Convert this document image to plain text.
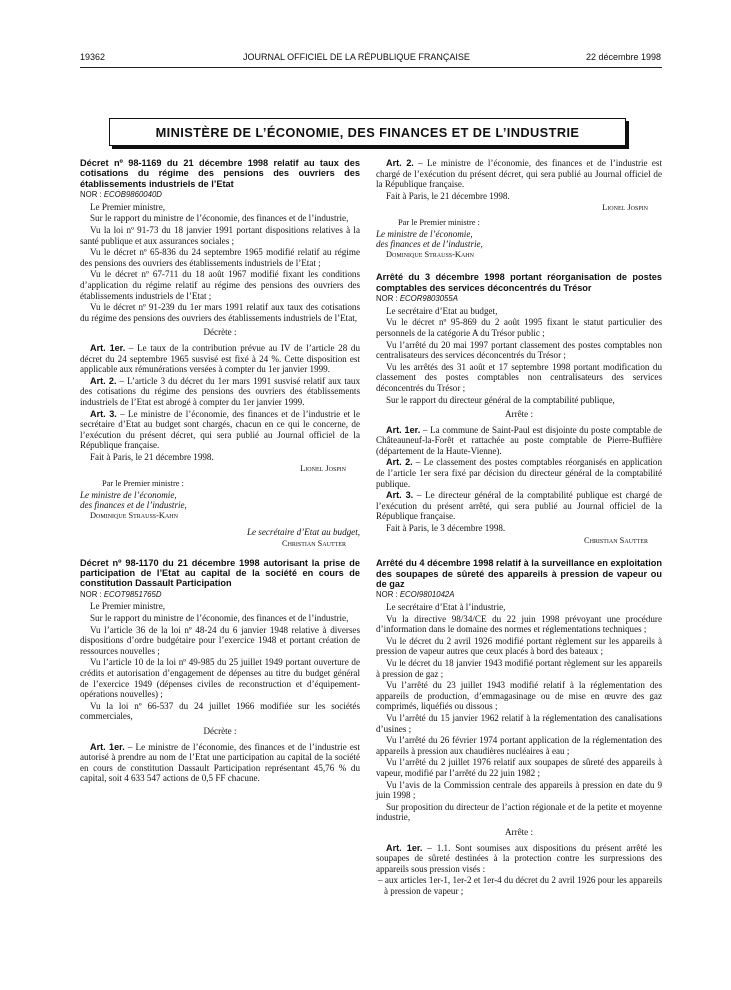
19362	JOURNAL OFFICIEL DE LA RÉPUBLIQUE FRANÇAISE	22 décembre 1998
MINISTÈRE DE L’ÉCONOMIE, DES FINANCES ET DE L’INDUSTRIE

Décret nº 98-1169 du 21 décembre 1998 relatif au taux des cotisations du régime des pensions des ouvriers des établissements industriels de l’Etat

NOR : ECOB9860040D

Le Premier ministre,

Sur le rapport du ministre de l’économie, des finances et de l’industrie,

Vu la loi nº 91-73 du 18 janvier 1991 portant dispositions relatives à la santé publique et aux assurances sociales ;

Vu le décret nº 65-836 du 24 septembre 1965 modifié relatif au régime des pensions des ouvriers des établissements industriels de l’Etat ;

Vu le décret nº 67-711 du 18 août 1967 modifié fixant les conditions d’application du régime relatif au régime des pensions des ouvriers des établissements industriels de l’Etat ;

Vu le décret nº 91-239 du 1er mars 1991 relatif aux taux des cotisations du régime des pensions des ouvriers des établissements industriels de l’Etat,

Décrète :

Art. 1er. – Le taux de la contribution prévue au IV de l’article 28 du décret du 24 septembre 1965 susvisé est fixé à 24 %. Cette disposition est applicable aux rémunérations versées à compter du 1er janvier 1999.

Art. 2. – L’article 3 du décret du 1er mars 1991 susvisé relatif aux taux des cotisations du régime des pensions des ouvriers des établissements industriels de l’Etat est abrogé à compter du 1er janvier 1999.

Art. 3. – Le ministre de l’économie, des finances et de l’industrie et le secrétaire d’Etat au budget sont chargés, chacun en ce qui le concerne, de l’exécution du présent décret, qui sera publié au Journal officiel de la République française.

Fait à Paris, le 21 décembre 1998.

Lionel Jospin

Par le Premier ministre :

Le ministre de l’économie,

des finances et de l’industrie,

Dominique Strauss-Kahn

Le secrétaire d’Etat au budget,
Christian Sautter

Décret nº 98-1170 du 21 décembre 1998 autorisant la prise de participation de l’Etat au capital de la société en cours de constitution Dassault Participation

NOR : ECOT9851765D

Le Premier ministre,

Sur le rapport du ministre de l’économie, des finances et de l’industrie,

Vu l’article 36 de la loi nº 48-24 du 6 janvier 1948 relative à diverses dispositions d’ordre budgétaire pour l’exercice 1948 et portant création de ressources nouvelles ;

Vu l’article 10 de la loi nº 49-985 du 25 juillet 1949 portant ouverture de crédits et autorisation d’engagement de dépenses au titre du budget général de l’exercice 1949 (dépenses civiles de reconstruction et d’équipement-opérations nouvelles) ;

Vu la loi nº 66-537 du 24 juillet 1966 modifiée sur les sociétés commerciales,

Décrète :

Art. 1er. – Le ministre de l’économie, des finances et de l’industrie est autorisé à prendre au nom de l’Etat une participation au capital de la société en cours de constitution Dassault Participation représentant 45,76 % du capital, soit 4 633 547 actions de 0,5 FF chacune.

Art. 2. – Le ministre de l’économie, des finances et de l’industrie est chargé de l’exécution du présent décret, qui sera publié au Journal officiel de la République française.

Fait à Paris, le 21 décembre 1998.

Lionel Jospin

Par le Premier ministre :

Le ministre de l’économie,

des finances et de l’industrie,

Dominique Strauss-Kahn

Arrêté du 3 décembre 1998 portant réorganisation de postes comptables des services déconcentrés du Trésor

NOR : ECOR9803055A

Le secrétaire d’Etat au budget,

Vu le décret nº 95-869 du 2 août 1995 fixant le statut particulier des personnels de la catégorie A du Trésor public ;

Vu l’arrêté du 20 mai 1997 portant classement des postes comptables non centralisateurs des services déconcentrés du Trésor ;

Vu les arrêtés des 31 août et 17 septembre 1998 portant modification du classement des postes comptables non centralisateurs des services déconcentrés du Trésor ;

Sur le rapport du directeur général de la comptabilité publique,

Arrête :

Art. 1er. – La commune de Saint-Paul est disjointe du poste comptable de Châteauneuf-la-Forêt et rattachée au poste comptable de Pierre-Buffière (département de la Haute-Vienne).

Art. 2. – Le classement des postes comptables réorganisés en application de l’article 1er sera fixé par décision du directeur général de la comptabilité publique.

Art. 3. – Le directeur général de la comptabilité publique est chargé de l’exécution du présent arrêté, qui sera publié au Journal officiel de la République française.

Fait à Paris, le 3 décembre 1998.

Christian Sautter

Arrêté du 4 décembre 1998 relatif à la surveillance en exploitation des soupapes de sûreté des appareils à pression de vapeur ou de gaz

NOR : ECOI9801042A

Le secrétaire d’Etat à l’industrie,

Vu la directive 98/34/CE du 22 juin 1998 prévoyant une procédure d’information dans le domaine des normes et réglementations techniques ;

Vu le décret du 2 avril 1926 modifié portant règlement sur les appareils à pression de vapeur autres que ceux placés à bord des bateaux ;

Vu le décret du 18 janvier 1943 modifié portant règlement sur les appareils à pression de gaz ;

Vu l’arrêté du 23 juillet 1943 modifié relatif à la réglementation des appareils de production, d’emmagasinage ou de mise en œuvre des gaz comprimés, liquéfiés ou dissous ;

Vu l’arrêté du 15 janvier 1962 relatif à la réglementation des canalisations d’usines ;

Vu l’arrêté du 26 février 1974 portant application de la réglementation des appareils à pression aux chaudières nucléaires à eau ;

Vu l’arrêté du 2 juillet 1976 relatif aux soupapes de sûreté des appareils à vapeur, modifié par l’arrêté du 22 juin 1982 ;

Vu l’avis de la Commission centrale des appareils à pression en date du 9 juin 1998 ;

Sur proposition du directeur de l’action régionale et de la petite et moyenne industrie,

Arrête :

Art. 1er. – 1.1. Sont soumises aux dispositions du présent arrêté les soupapes de sûreté destinées à la protection contre les surpressions des appareils sous pression visés :

– aux articles 1er-1, 1er-2 et 1er-4 du décret du 2 avril 1926 pour les appareils à pression de vapeur ;
